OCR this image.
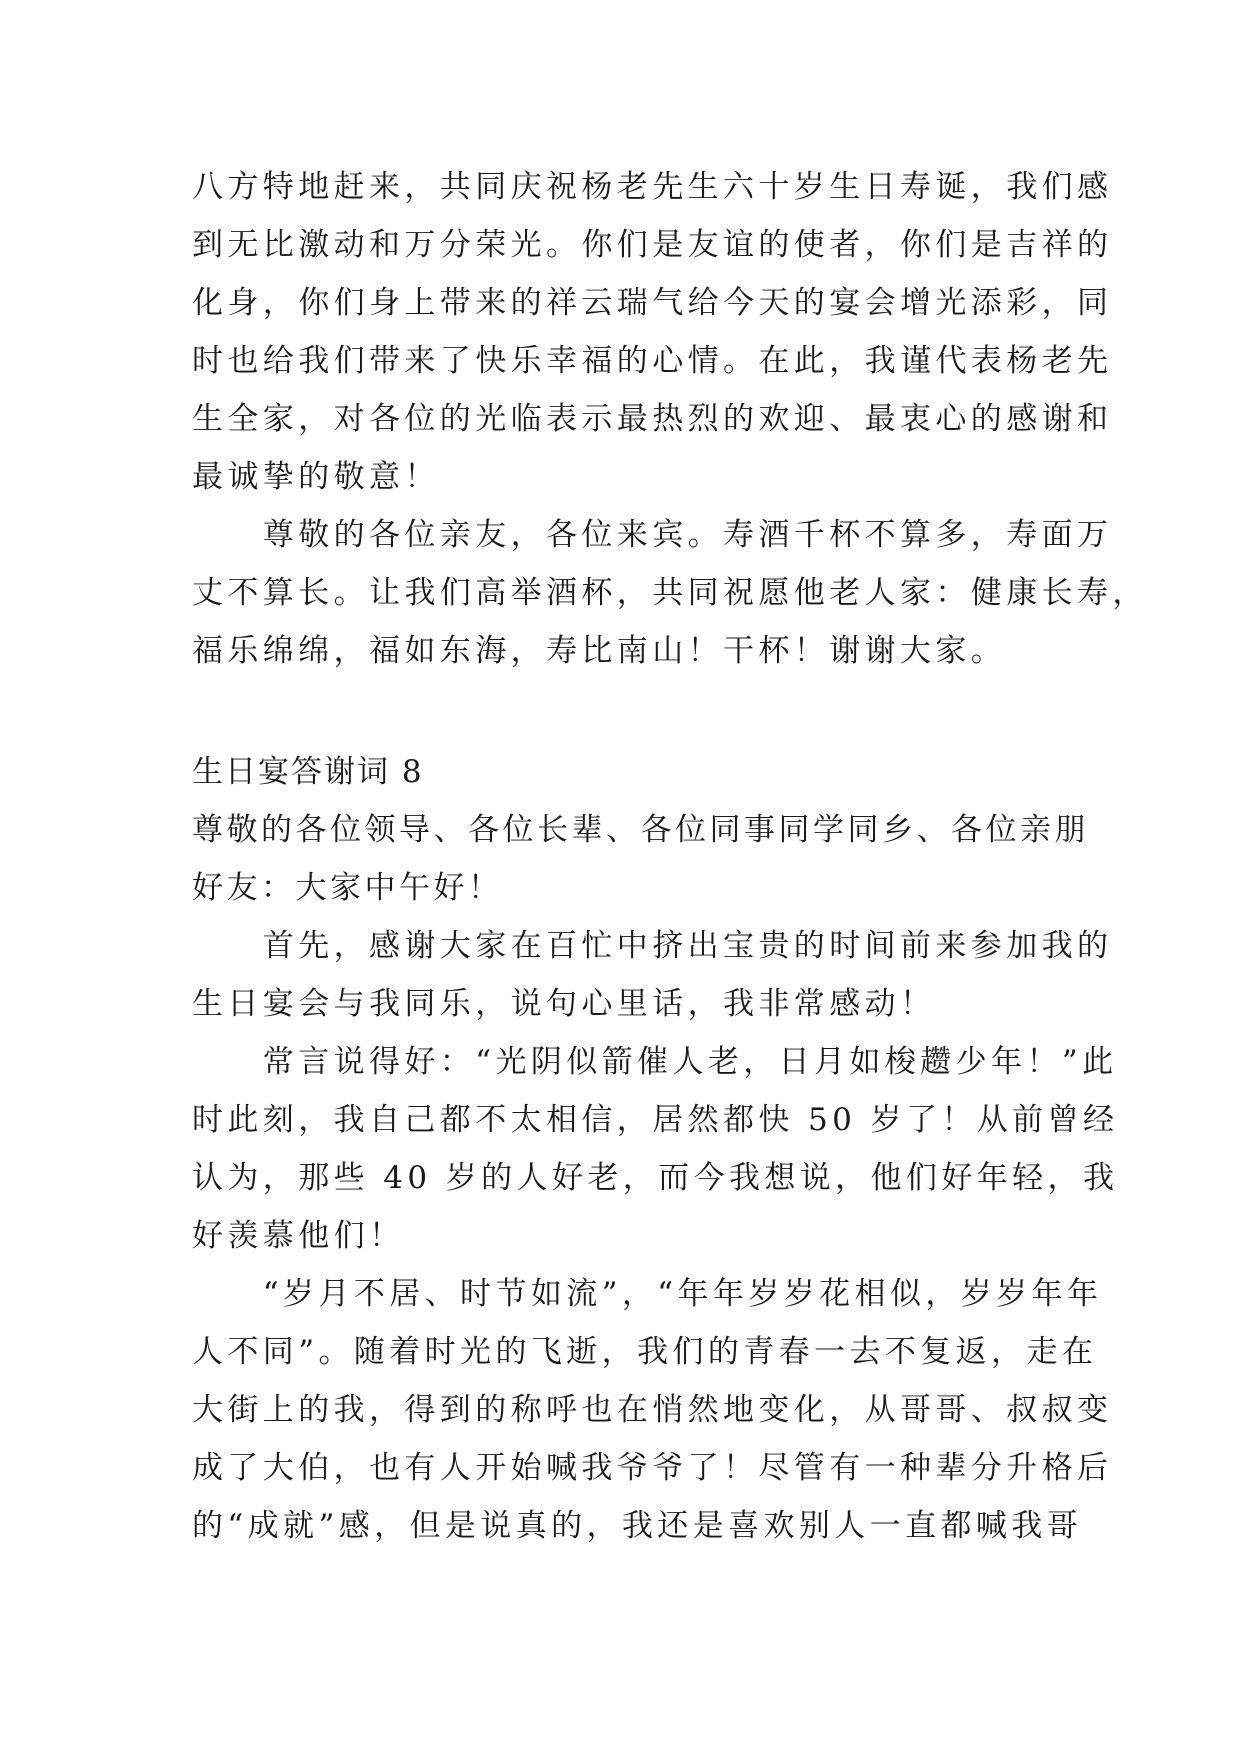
八方特地赶来，共同庆祝杨老先生六十岁生日寿诞，我们感
到无比激动和万分荣光。你们是友谊的使者，你们是吉祥的
化身，你们身上带来的祥云瑞气给今天的宴会增光添彩，同
时也给我们带来了快乐幸福的心情。在此，我谨代表杨老先
生全家，对各位的光临表示最热烈的欢迎、最衷心的感谢和
最诚挚的敬意！
　　尊敬的各位亲友，各位来宾。寿酒千杯不算多，寿面万
丈不算长。让我们高举酒杯，共同祝愿他老人家：健康长寿，
福乐绵绵，福如东海，寿比南山！干杯！谢谢大家。
生日宴答谢词 8
尊敬的各位领导、各位长辈、各位同事同学同乡、各位亲朋
好友：大家中午好！
　　首先，感谢大家在百忙中挤出宝贵的时间前来参加我的
生日宴会与我同乐，说句心里话，我非常感动！
　　常言说得好：“光阴似箭催人老，日月如梭趱少年！”此
时此刻，我自己都不太相信，居然都快 50 岁了！从前曾经
认为，那些 40 岁的人好老，而今我想说，他们好年轻，我
好羡慕他们！
　　“岁月不居、时节如流”，“年年岁岁花相似，岁岁年年
人不同”。随着时光的飞逝，我们的青春一去不复返，走在
大街上的我，得到的称呼也在悄然地变化，从哥哥、叔叔变
成了大伯，也有人开始喊我爷爷了！尽管有一种辈分升格后
的“成就”感，但是说真的，我还是喜欢别人一直都喊我哥
